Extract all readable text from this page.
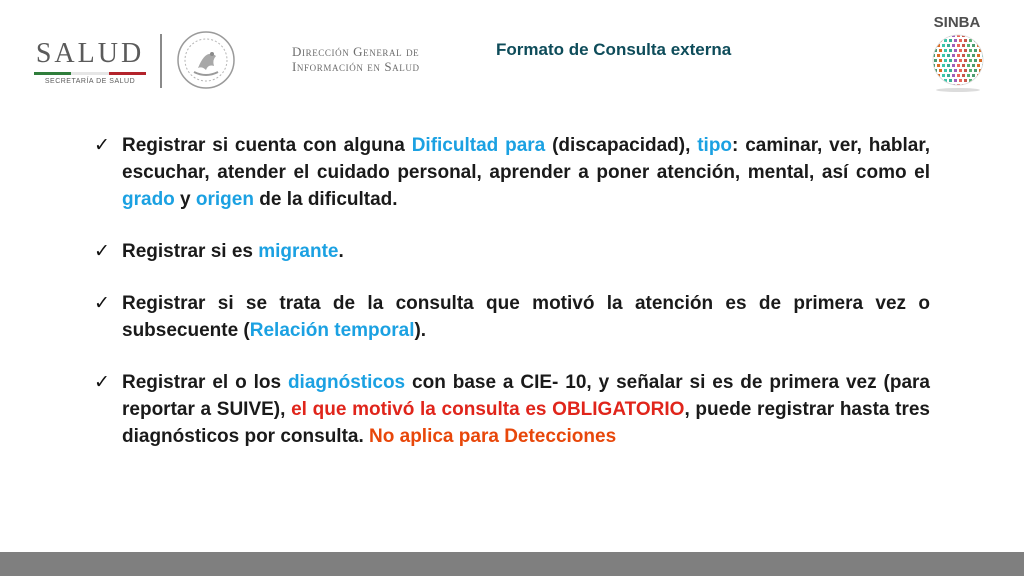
SALUD
SECRETARÍA DE SALUD
Dirección General de
Información en Salud
Formato de Consulta externa
SINBA
✓ Registrar si cuenta con alguna Dificultad para (discapacidad), tipo: caminar, ver, hablar, escuchar, atender el cuidado personal, aprender a poner atención, mental, así como el grado y origen de la dificultad.
✓ Registrar si es migrante.
✓ Registrar si se trata de la consulta que motivó la atención es de primera vez o subsecuente (Relación temporal).
✓ Registrar el o los diagnósticos con base a CIE- 10, y señalar si es de primera vez (para reportar a SUIVE), el que motivó la consulta es OBLIGATORIO, puede registrar hasta tres diagnósticos por consulta. No aplica para Detecciones
